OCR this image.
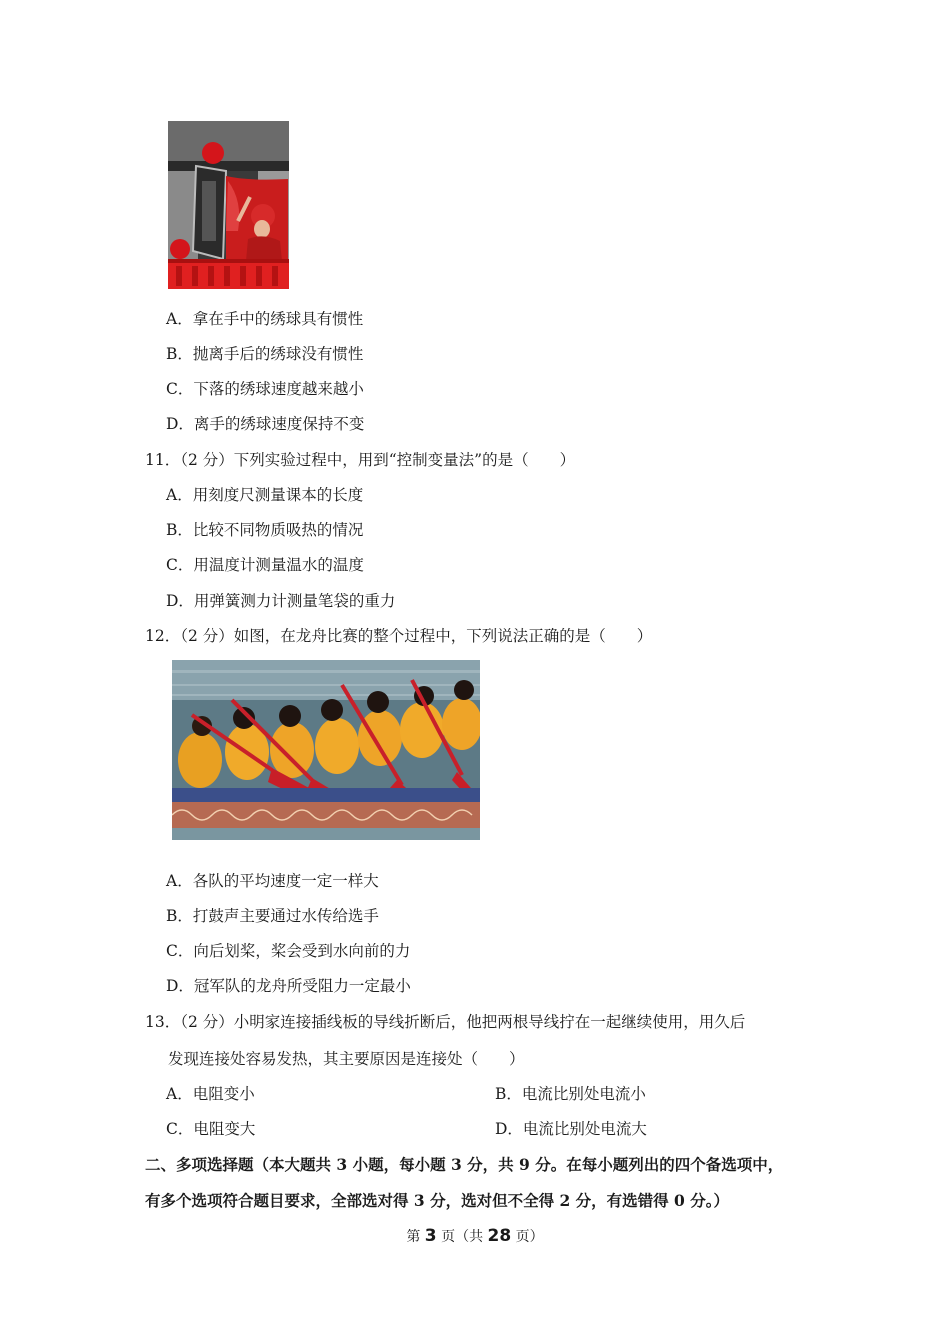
A．拿在手中的绣球具有惯性
B．抛离手后的绣球没有惯性
C．下落的绣球速度越来越小
D．离手的绣球速度保持不变
11．（2 分）下列实验过程中，用到“控制变量法”的是（　　）
A．用刻度尺测量课本的长度
B．比较不同物质吸热的情况
C．用温度计测量温水的温度
D．用弹簧测力计测量笔袋的重力
12．（2 分）如图，在龙舟比赛的整个过程中，下列说法正确的是（　　）
A．各队的平均速度一定一样大
B．打鼓声主要通过水传给选手
C．向后划桨，桨会受到水向前的力
D．冠军队的龙舟所受阻力一定最小
13．（2 分）小明家连接插线板的导线折断后，他把两根导线拧在一起继续使用，用久后
发现连接处容易发热，其主要原因是连接处（　　）
A．电阻变小	B．电流比别处电流小
C．电阻变大	D．电流比别处电流大
二、多项选择题（本大题共 3 小题，每小题 3 分，共 9 分。在每小题列出的四个备选项中，
有多个选项符合题目要求，全部选对得 3 分，选对但不全得 2 分，有选错得 0 分。）
第 3 页（共 28 页）
